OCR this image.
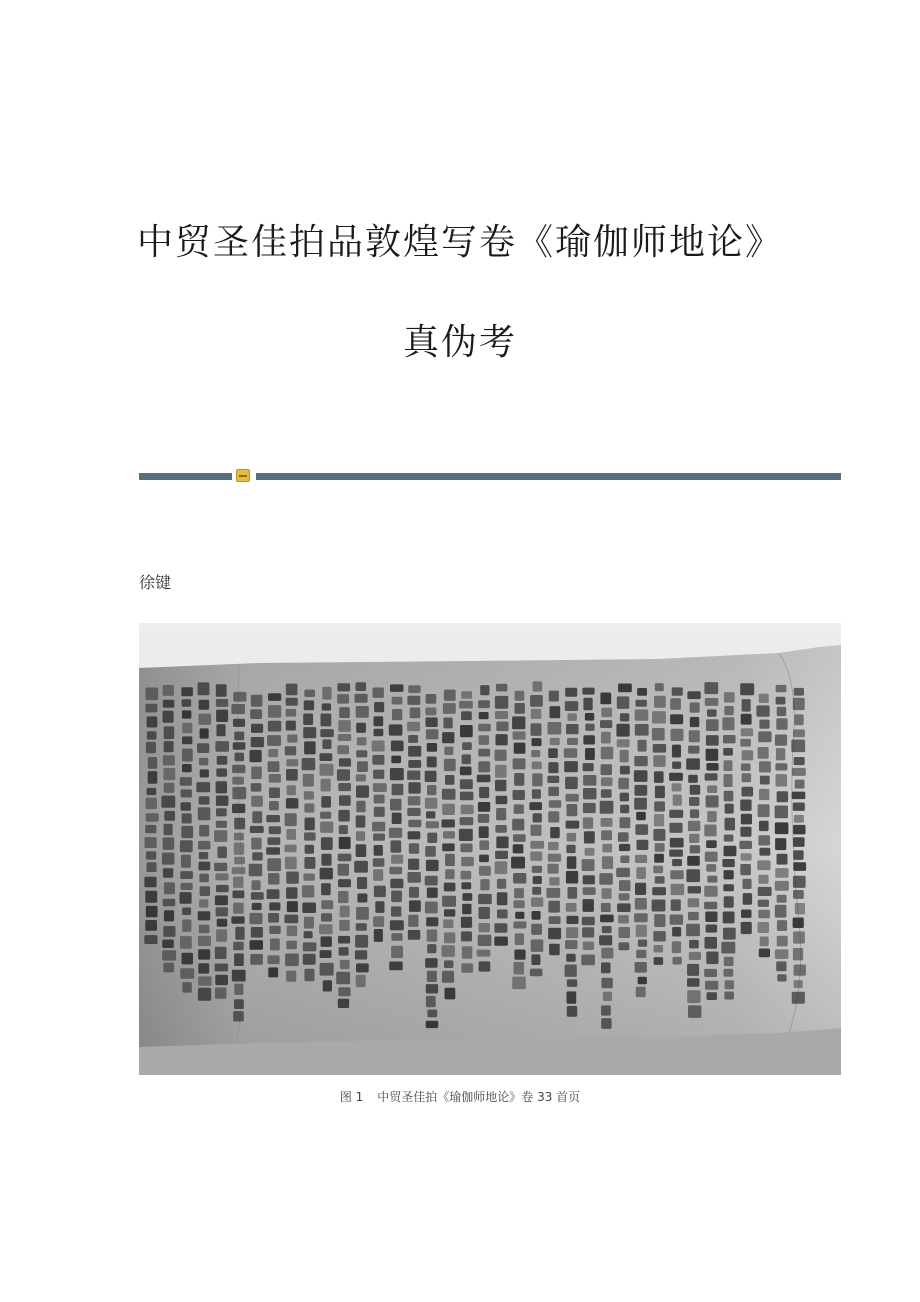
中贸圣佳拍品敦煌写卷《瑜伽师地论》
真伪考
徐键
图 1 中贸圣佳拍《瑜伽师地论》卷 33 首页
